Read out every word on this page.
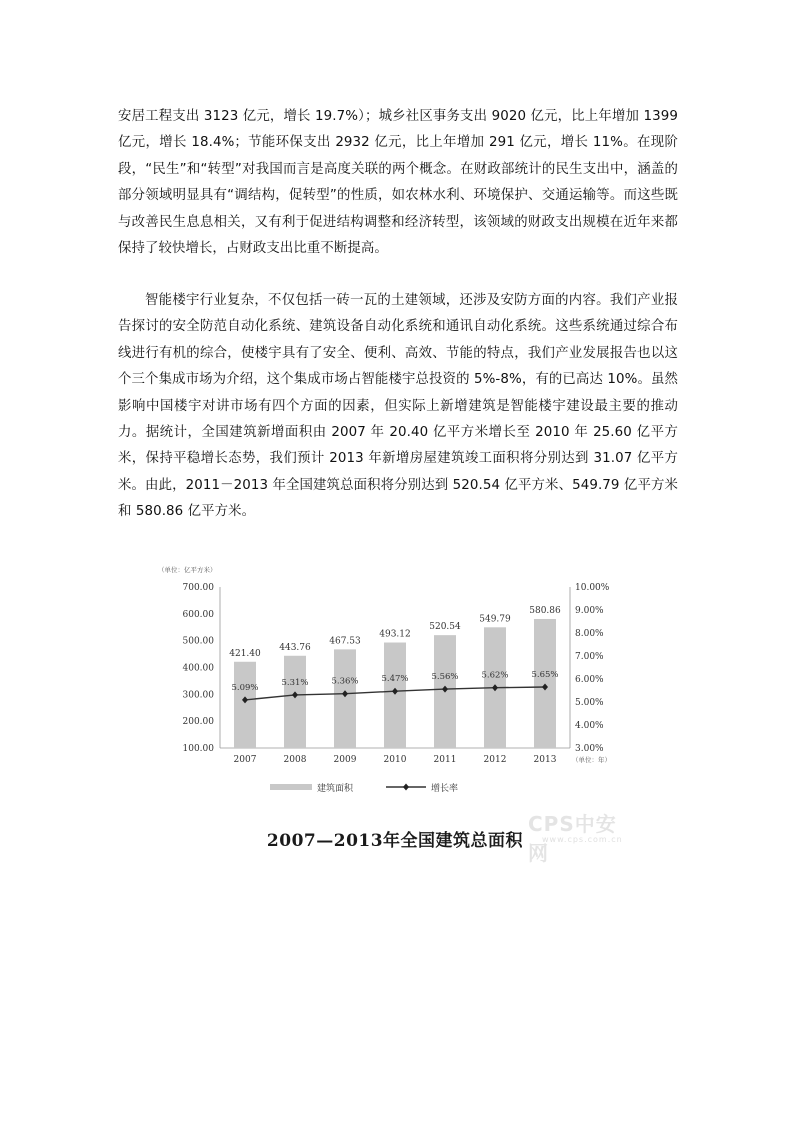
安居工程支出 3123 亿元，增长 19.7%）；城乡社区事务支出 9020 亿元，比上年增加 1399 亿元，增长 18.4%；节能环保支出 2932 亿元，比上年增加 291 亿元，增长 11%。在现阶段，“民生”和“转型”对我国而言是高度关联的两个概念。在财政部统计的民生支出中，涵盖的部分领域明显具有“调结构，促转型”的性质，如农林水利、环境保护、交通运输等。而这些既与改善民生息息相关，又有利于促进结构调整和经济转型，该领域的财政支出规模在近年来都保持了较快增长，占财政支出比重不断提高。

智能楼宇行业复杂，不仅包括一砖一瓦的土建领域，还涉及安防方面的内容。我们产业报告探讨的安全防范自动化系统、建筑设备自动化系统和通讯自动化系统。这些系统通过综合布线进行有机的综合，使楼宇具有了安全、便利、高效、节能的特点，我们产业发展报告也以这个三个集成市场为介绍，这个集成市场占智能楼宇总投资的 5%-8%，有的已高达 10%。虽然影响中国楼宇对讲市场有四个方面的因素，但实际上新增建筑是智能楼宇建设最主要的推动力。据统计，全国建筑新增面积由 2007 年 20.40 亿平方米增长至 2010 年 25.60 亿平方米，保持平稳增长态势，我们预计 2013 年新增房屋建筑竣工面积将分别达到 31.07 亿平方米。由此，2011－2013 年全国建筑总面积将分别达到 520.54 亿平方米、549.79 亿平方米和 580.86 亿平方米。

（单位：亿平方米）
100.00
200.00
300.00
400.00
500.00
600.00
700.00
3.00%
4.00%
5.00%
6.00%
7.00%
8.00%
9.00%
10.00%
421.40
2007
443.76
2008
467.53
2009
493.12
2010
520.54
2011
549.79
2012
580.86
2013 （单位：年）
5.09%
5.31%	5.36%	5.47%	5.56%	5.62%	5.65%
建筑面积	增长率
CPS中安网
www.cps.com.cn
2007—2013年全国建筑总面积
